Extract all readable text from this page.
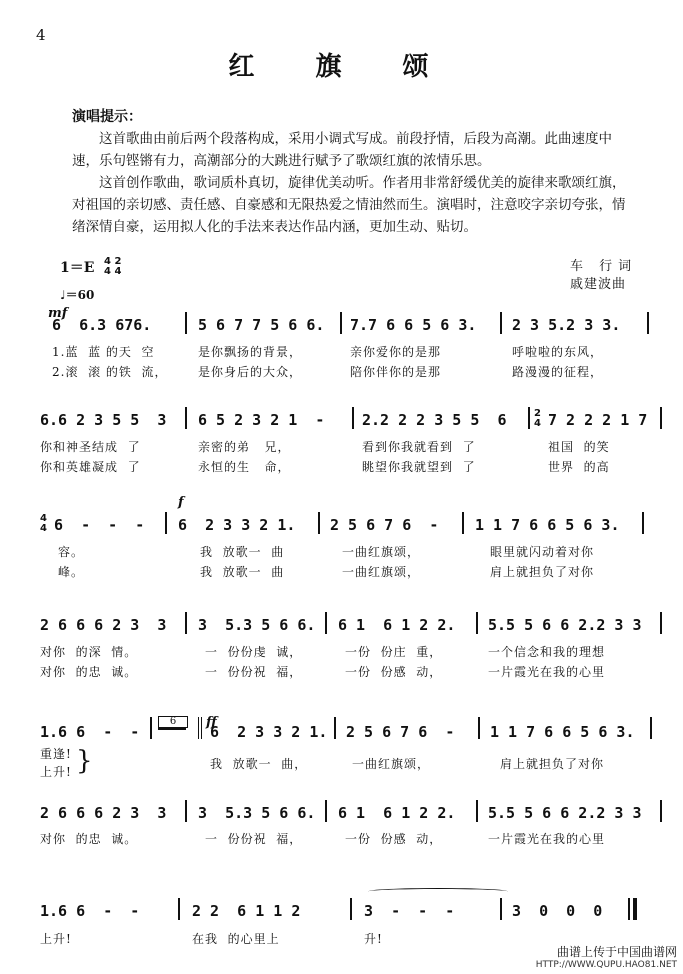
4
红 旗 颂
演唱提示：
这首歌曲由前后两个段落构成，采用小调式写成。前段抒情，后段为高潮。此曲速度中速，乐句铿锵有力，高潮部分的大跳进行赋予了歌颂红旗的浓情乐思。
这首创作歌曲，歌词质朴真切，旋律优美动听。作者用非常舒缓优美的旋律来歌颂红旗，对祖国的亲切感、责任感、自豪感和无限热爱之情油然而生。演唱时，注意咬字亲切夸张，情绪深情自豪，运用拟人化的手法来表达作品内涵，更加生动、贴切。
车 行词
戚建波曲
1＝E 4 2
4 4
♩＝60
mf
f
ff
6  6.3 676.	5 6 7 7 5 6 6. 7.7 6 6 5 6 3. 2 3 5.2 3 3.
1.蓝  蓝 的天  空	是你飘扬的背景，	亲你爱你的是那	呼啦啦的东风，
2.滚  滚 的铁  流，	是你身后的大众，	陪你伴你的是那	路漫漫的征程，
6.6 2 3 5 5  3 6 5 2 3 2 1  -	2.2 2 2 3 5 5  6	2
4 7 2 2 2 1 7
你和神圣结成  了	亲密的弟   兄，	看到你我就看到  了	祖国  的笑
你和英雄凝成  了	永恒的生   命，	眺望你我就望到  了	世界  的高
4
4 6  -  -  - 6  2 3 3 2 1. 2 5 6 7 6  - 1 1 7 6 6 5 6 3.
容。	我  放歌一  曲	一曲红旗颂，	眼里就闪动着对你
峰。	我  放歌一  曲	一曲红旗颂，	肩上就担负了对你
2 6 6 6 2 3  3 3  5.3 5 6 6. 6 1  6 1 2 2. 5.5 5 6 6 2.2 3 3
对你  的深  情。	一  份份虔  诚，	一份  份庄  重，	一个信念和我的理想
对你  的忠  诚。	一  份份祝  福，	一份  份感  动，	一片霞光在我的心里
1.6 6  -  -
6
6  2 3 3 2 1. 2 5 6 7 6  - 1 1 7 6 6 5 6 3.
重逢!
上升! }	我  放歌一  曲，	一曲红旗颂，	肩上就担负了对你
2 6 6 6 2 3  3 3  5.3 5 6 6. 6 1  6 1 2 2. 5.5 5 6 6 2.2 3 3
对你  的忠  诚。	一  份份祝  福，	一份  份感  动，	一片霞光在我的心里
1.6 6  -  -	2 2  6 1 1 2	3  -  -  -	3  0  0  0
上升!	在我  的心里上	升!
曲谱上传于中国曲谱网
HTTP://WWW.QUPU.HAO81.NET
